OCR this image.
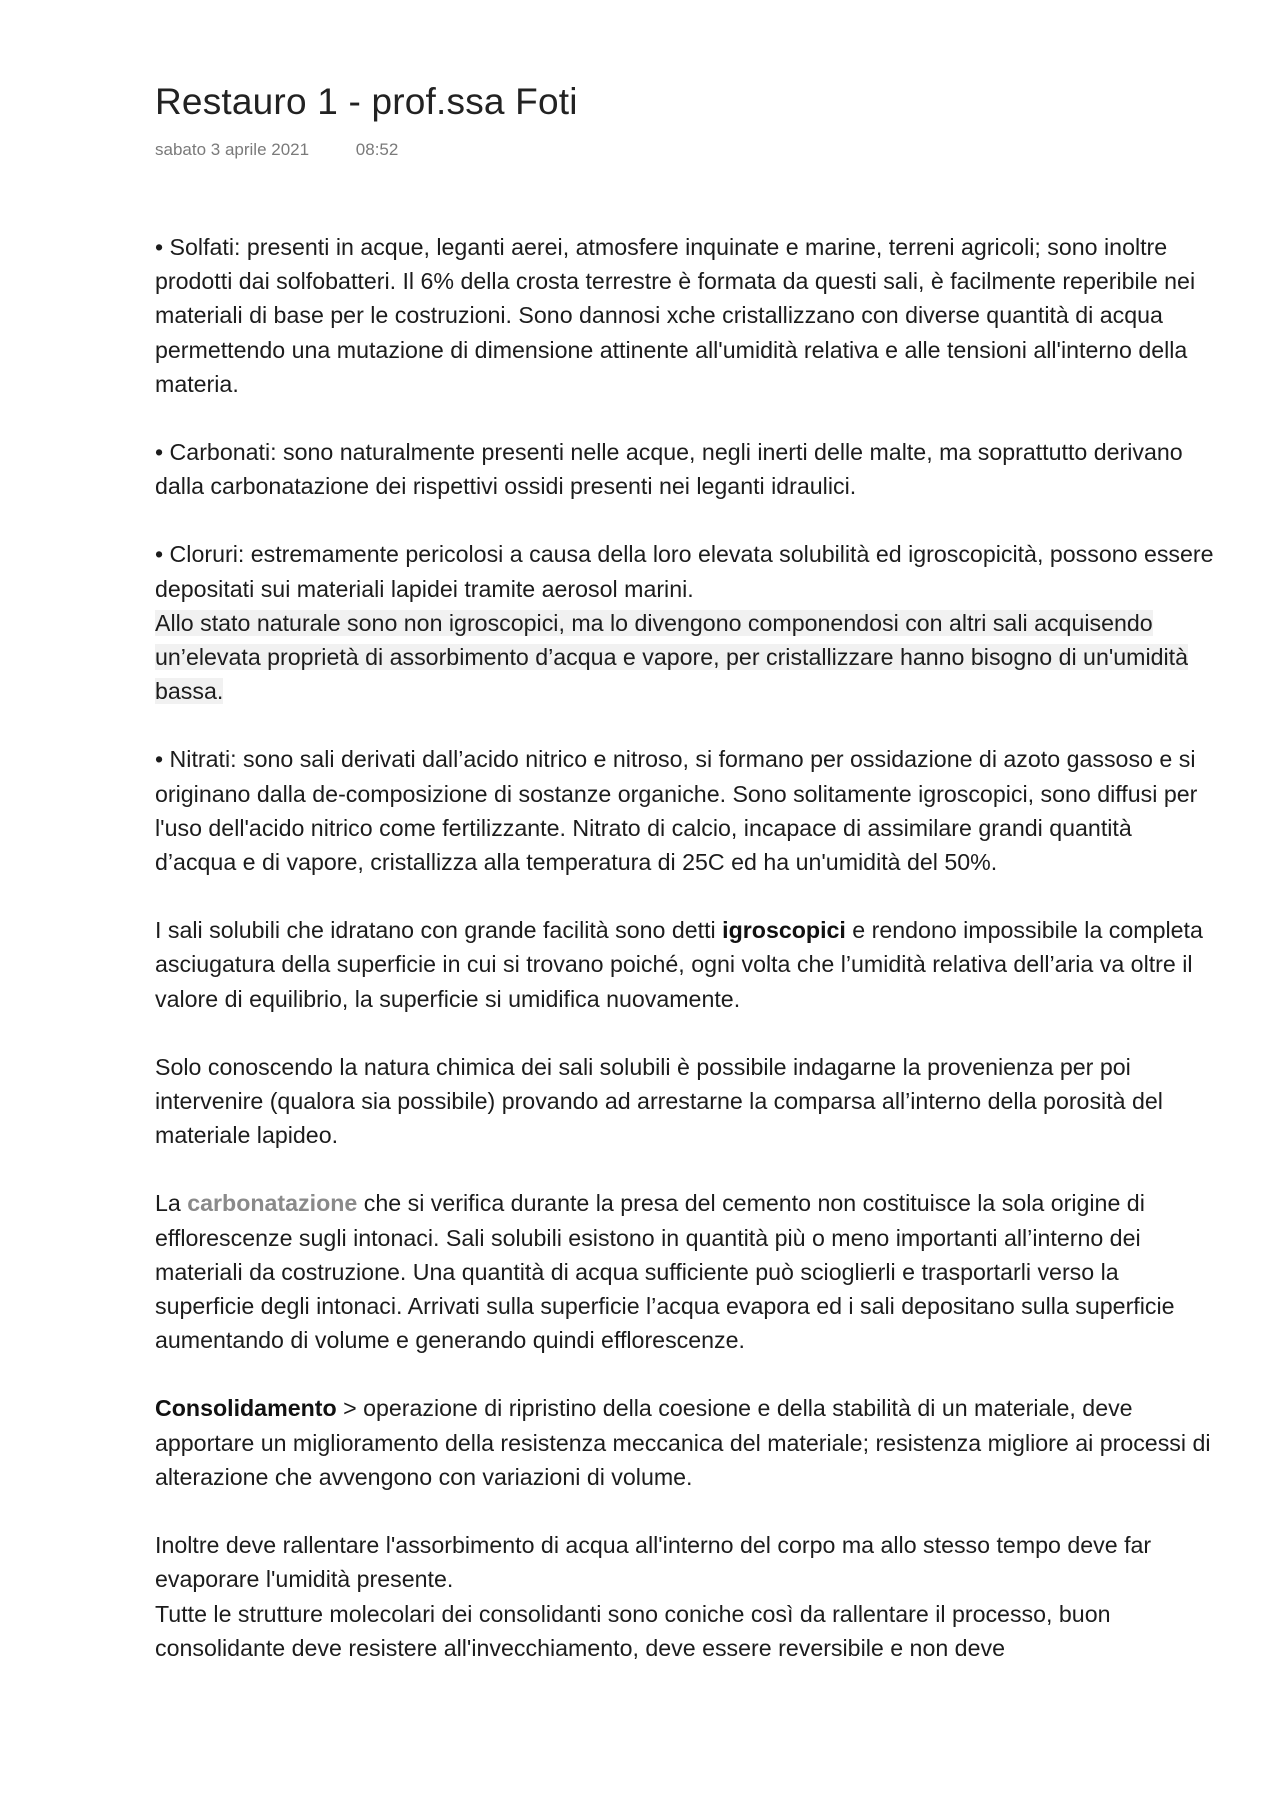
Restauro 1 - prof.ssa Foti
sabato 3 aprile 2021	08:52

• Solfati: presenti in acque, leganti aerei, atmosfere inquinate e marine, terreni agricoli; sono inoltre prodotti dai solfobatteri. Il 6% della crosta terrestre è formata da questi sali, è facilmente reperibile nei materiali di base per le costruzioni. Sono dannosi xche cristallizzano con diverse quantità di acqua permettendo una mutazione di dimensione attinente all'umidità relativa e alle tensioni all'interno della materia.

• Carbonati: sono naturalmente presenti nelle acque, negli inerti delle malte, ma soprattutto derivano dalla carbonatazione dei rispettivi ossidi presenti nei leganti idraulici.

• Cloruri: estremamente pericolosi a causa della loro elevata solubilità ed igroscopicità, possono essere depositati sui materiali lapidei tramite aerosol marini.

Allo stato naturale sono non igroscopici, ma lo divengono componendosi con altri sali acquisendo un’elevata proprietà di assorbimento d’acqua e vapore, per cristallizzare hanno bisogno di un'umidità bassa.

• Nitrati: sono sali derivati dall’acido nitrico e nitroso, si formano per ossidazione di azoto gassoso e si originano dalla de-composizione di sostanze organiche. Sono solitamente igroscopici, sono diffusi per l'uso dell'acido nitrico come fertilizzante. Nitrato di calcio, incapace di assimilare grandi quantità d’acqua e di vapore, cristallizza alla temperatura di 25C ed ha un'umidità del 50%.

I sali solubili che idratano con grande facilità sono detti igroscopici e rendono impossibile la completa asciugatura della superficie in cui si trovano poiché, ogni volta che l’umidità relativa dell’aria va oltre il valore di equilibrio, la superficie si umidifica nuovamente.

Solo conoscendo la natura chimica dei sali solubili è possibile indagarne la provenienza per poi intervenire (qualora sia possibile) provando ad arrestarne la comparsa all’interno della porosità del materiale lapideo.

La carbonatazione che si verifica durante la presa del cemento non costituisce la sola origine di efflorescenze sugli intonaci. Sali solubili esistono in quantità più o meno importanti all’interno dei materiali da costruzione. Una quantità di acqua sufficiente può scioglierli e trasportarli verso la superficie degli intonaci. Arrivati sulla superficie l’acqua evapora ed i sali depositano sulla superficie aumentando di volume e generando quindi efflorescenze.

Consolidamento > operazione di ripristino della coesione e della stabilità di un materiale, deve apportare un miglioramento della resistenza meccanica del materiale; resistenza migliore ai processi di alterazione che avvengono con variazioni di volume.

Inoltre deve rallentare l'assorbimento di acqua all'interno del corpo ma allo stesso tempo deve far evaporare l'umidità presente.

Tutte le strutture molecolari dei consolidanti sono coniche così da rallentare il processo, buon consolidante deve resistere all'invecchiamento, deve essere reversibile e non deve
